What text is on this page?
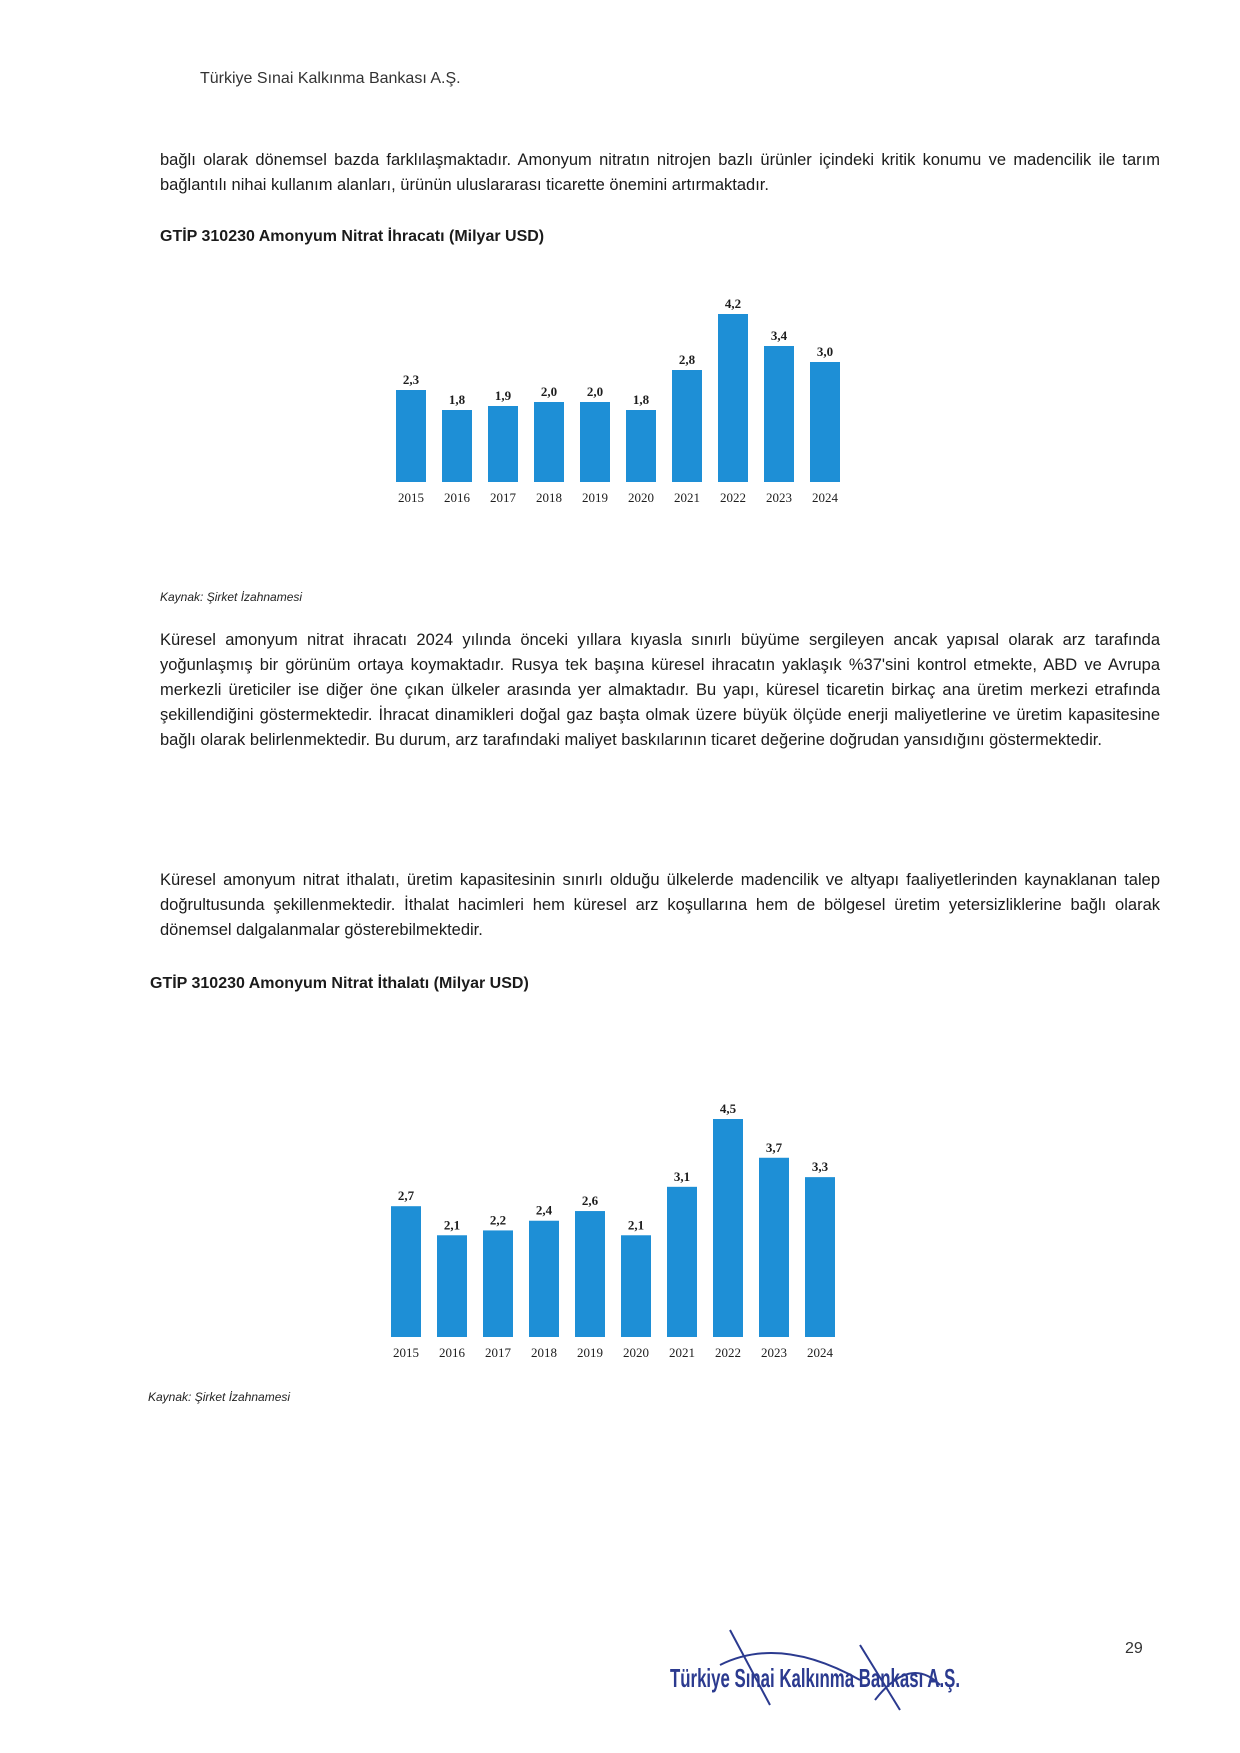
Türkiye Sınai Kalkınma Bankası A.Ş.

bağlı olarak dönemsel bazda farklılaşmaktadır. Amonyum nitratın nitrojen bazlı ürünler içindeki kritik konumu ve madencilik ile tarım bağlantılı nihai kullanım alanları, ürünün uluslararası ticarette önemini artırmaktadır.

GTİP 310230 Amonyum Nitrat İhracatı (Milyar USD)
2,3
2015
1,8
2016
1,9
2017
2,0
2018
2,0
2019
1,8
2020
2,8
2021
4,2
2022
3,4
2023
3,0
2024
Kaynak: Şirket İzahnamesi

Küresel amonyum nitrat ihracatı 2024 yılında önceki yıllara kıyasla sınırlı büyüme sergileyen ancak yapısal olarak arz tarafında yoğunlaşmış bir görünüm ortaya koymaktadır. Rusya tek başına küresel ihracatın yaklaşık %37'sini kontrol etmekte, ABD ve Avrupa merkezli üreticiler ise diğer öne çıkan ülkeler arasında yer almaktadır. Bu yapı, küresel ticaretin birkaç ana üretim merkezi etrafında şekillendiğini göstermektedir. İhracat dinamikleri doğal gaz başta olmak üzere büyük ölçüde enerji maliyetlerine ve üretim kapasitesine bağlı olarak belirlenmektedir. Bu durum, arz tarafındaki maliyet baskılarının ticaret değerine doğrudan yansıdığını göstermektedir.

Küresel amonyum nitrat ithalatı, üretim kapasitesinin sınırlı olduğu ülkelerde madencilik ve altyapı faaliyetlerinden kaynaklanan talep doğrultusunda şekillenmektedir. İthalat hacimleri hem küresel arz koşullarına hem de bölgesel üretim yetersizliklerine bağlı olarak dönemsel dalgalanmalar gösterebilmektedir.

GTİP 310230 Amonyum Nitrat İthalatı (Milyar USD)
2,7
2015
2,1
2016
2,2
2017
2,4
2018
2,6
2019
2,1
2020
3,1
2021
4,5
2022
3,7
2023
3,3
2024
Kaynak: Şirket İzahnamesi
Türkiye Sınai Kalkınma Bankası A.Ş.
29
